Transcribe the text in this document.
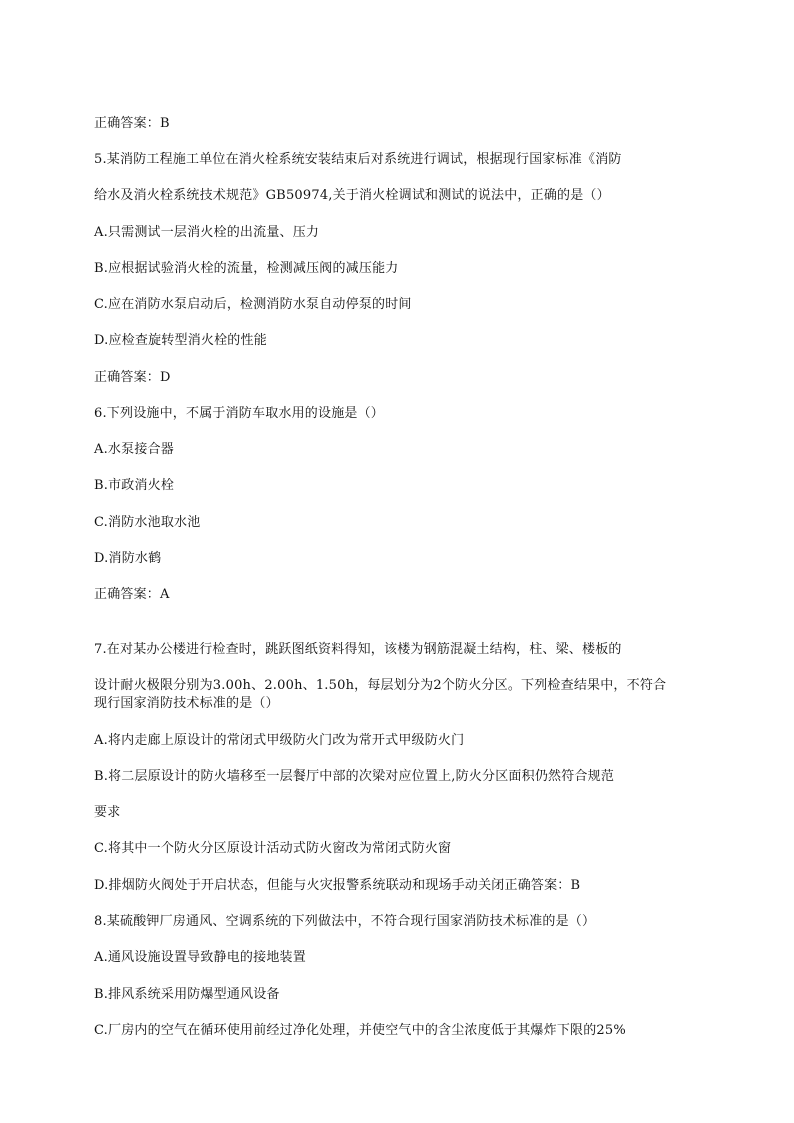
正确答案：B
5.某消防工程施工单位在消火栓系统安装结束后对系统进行调试，根据现行国家标准《消防
给水及消火栓系统技术规范》GB50974,关于消火栓调试和测试的说法中，正确的是（）
A.只需测试一层消火栓的出流量、压力
B.应根据试验消火栓的流量，检测减压阀的减压能力
C.应在消防水泵启动后，检测消防水泵自动停泵的时间
D.应检查旋转型消火栓的性能
正确答案：D
6.下列设施中，不属于消防车取水用的设施是（）
A.水泵接合器
B.市政消火栓
C.消防水池取水池
D.消防水鹤
正确答案：A
7.在对某办公楼进行检查时，跳跃图纸资料得知，该楼为钢筋混凝土结构，柱、梁、楼板的
设计耐火极限分别为3.00h、2.00h、1.50h，每层划分为2个防火分区。下列检查结果中，不符合
现行国家消防技术标准的是（）
A.将内走廊上原设计的常闭式甲级防火门改为常开式甲级防火门
B.将二层原设计的防火墙移至一层餐厅中部的次梁对应位置上,防火分区面积仍然符合规范
要求
C.将其中一个防火分区原设计活动式防火窗改为常闭式防火窗
D.排烟防火阀处于开启状态，但能与火灾报警系统联动和现场手动关闭正确答案：B
8.某硫酸钾厂房通风、空调系统的下列做法中，不符合现行国家消防技术标准的是（）
A.通风设施设置导致静电的接地装置
B.排风系统采用防爆型通风设备
C.厂房内的空气在循环使用前经过净化处理，并使空气中的含尘浓度低于其爆炸下限的25%
